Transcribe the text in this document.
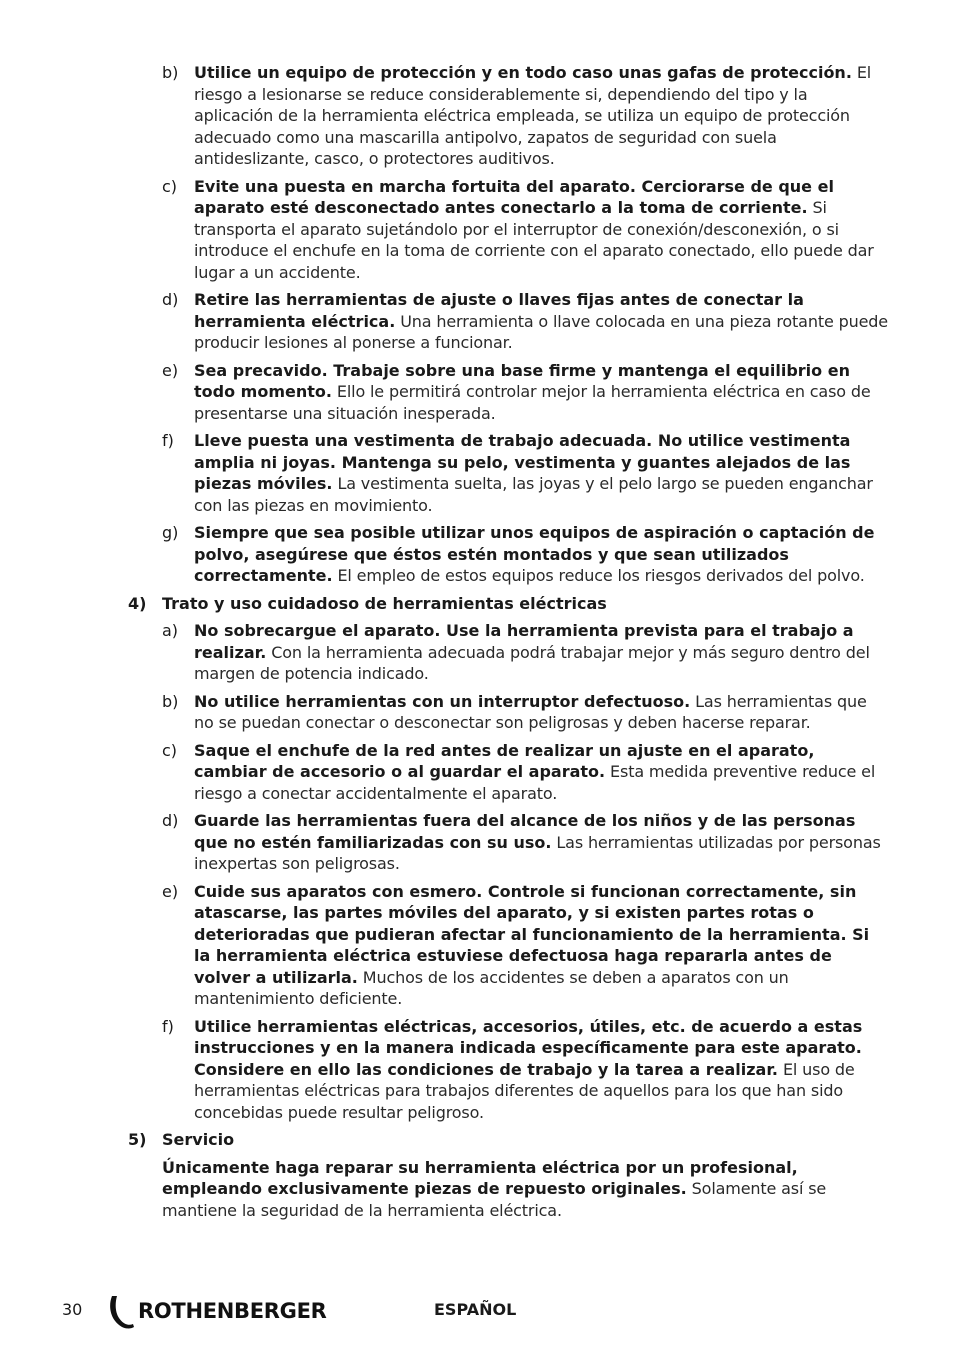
b) Utilice un equipo de protección y en todo caso unas gafas de protección. El riesgo a lesionarse se reduce considerablemente si, dependiendo del tipo y la aplicación de la herramienta eléctrica empleada, se utiliza un equipo de protección adecuado como una mascarilla antipolvo, zapatos de seguridad con suela antideslizante, casco, o protectores auditivos.
c)	Evite una puesta en marcha fortuita del aparato. Cerciorarse de que el aparato esté desconectado antes conectarlo a la toma de corriente. Si transporta el aparato sujetándolo por el interruptor de conexión/desconexión, o si introduce el enchufe en la toma de corriente con el aparato conectado, ello puede dar lugar a un accidente.
d) Retire las herramientas de ajuste o llaves fijas antes de conectar la herramienta eléctrica. Una herramienta o llave colocada en una pieza rotante puede producir lesiones al ponerse a funcionar.
e) Sea precavido. Trabaje sobre una base firme y mantenga el equilibrio en todo momento. Ello le permitirá controlar mejor la herramienta eléctrica en caso de presentarse una situación inesperada.
f)	Lleve puesta una vestimenta de trabajo adecuada. No utilice vestimenta amplia ni joyas. Mantenga su pelo, vestimenta y guantes alejados de las piezas móviles. La vestimenta suelta, las joyas y el pelo largo se pueden enganchar con las piezas en movimiento.
g) Siempre que sea posible utilizar unos equipos de aspiración o captación de polvo, asegúrese que éstos estén montados y que sean utilizados correctamente. El empleo de estos equipos reduce los riesgos derivados del polvo.
4) Trato y uso cuidadoso de herramientas eléctricas
a) No sobrecargue el aparato. Use la herramienta prevista para el trabajo a realizar. Con la herramienta adecuada podrá trabajar mejor y más seguro dentro del margen de potencia indicado.
b) No utilice herramientas con un interruptor defectuoso. Las herramientas que no se puedan conectar o desconectar son peligrosas y deben hacerse reparar.
c)	Saque el enchufe de la red antes de realizar un ajuste en el aparato, cambiar de accesorio o al guardar el aparato. Esta medida preventive reduce el riesgo a conectar accidentalmente el aparato.
d) Guarde las herramientas fuera del alcance de los niños y de las personas que no estén familiarizadas con su uso. Las herramientas utilizadas por personas inexpertas son peligrosas.
e) Cuide sus aparatos con esmero. Controle si funcionan correctamente, sin atascarse, las partes móviles del aparato, y si existen partes rotas o deterioradas que pudieran afectar al funcionamiento de la herramienta. Si la herramienta eléctrica estuviese defectuosa haga repararla antes de volver a utilizarla. Muchos de los accidentes se deben a aparatos con un mantenimiento deficiente.
f)	Utilice herramientas eléctricas, accesorios, útiles, etc. de acuerdo a estas instrucciones y en la manera indicada específicamente para este aparato. Considere en ello las condiciones de trabajo y la tarea a realizar. El uso de herramientas eléctricas para trabajos diferentes de aquellos para los que han sido concebidas puede resultar peligroso.
5) Servicio
Únicamente haga reparar su herramienta eléctrica por un profesional, empleando exclusivamente piezas de repuesto originales. Solamente así se mantiene la seguridad de la herramienta eléctrica.
30	ROTHENBERGER	ESPAÑOL
